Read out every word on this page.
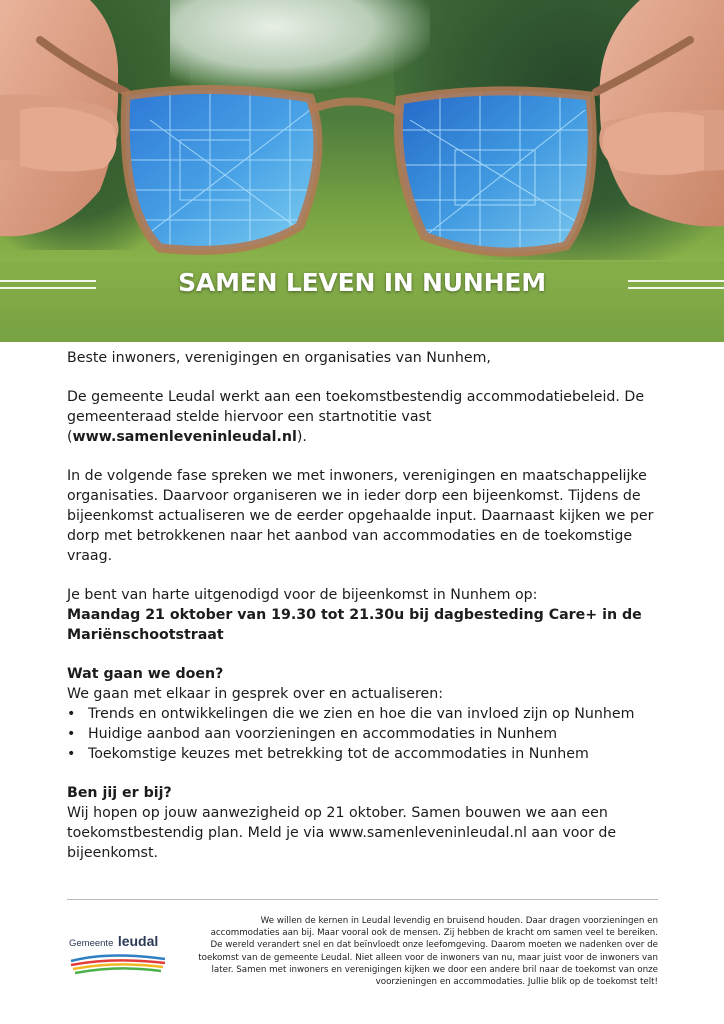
SAMEN LEVEN IN NUNHEM

Beste inwoners, verenigingen en organisaties van Nunhem,

De gemeente Leudal werkt aan een toekomstbestendig accommodatiebeleid. De gemeenteraad stelde hiervoor een startnotitie vast (www.samenleveninleudal.nl).

In de volgende fase spreken we met inwoners, verenigingen en maatschappelijke organisaties. Daarvoor organiseren we in ieder dorp een bijeenkomst. Tijdens de bijeenkomst actualiseren we de eerder opgehaalde input. Daarnaast kijken we per dorp met betrokkenen naar het aanbod van accommodaties en de toekomstige vraag.

Je bent van harte uitgenodigd voor de bijeenkomst in Nunhem op:
Maandag 21 oktober van 19.30 tot 21.30u bij dagbesteding Care+ in de Mariënschootstraat

Wat gaan we doen?
We gaan met elkaar in gesprek over en actualiseren:
• Trends en ontwikkelingen die we zien en hoe die van invloed zijn op Nunhem
• Huidige aanbod aan voorzieningen en accommodaties in Nunhem
• Toekomstige keuzes met betrekking tot de accommodaties in Nunhem
Ben jij er bij?
Wij hopen op jouw aanwezigheid op 21 oktober. Samen bouwen we aan een toekomstbestendig plan. Meld je via www.samenleveninleudal.nl aan voor de bijeenkomst.
Gemeente leudal
We willen de kernen in Leudal levendig en bruisend houden. Daar dragen voorzieningen en accommodaties aan bij. Maar vooral ook de mensen. Zij hebben de kracht om samen veel te bereiken. De wereld verandert snel en dat beïnvloedt onze leefomgeving. Daarom moeten we nadenken over de toekomst van de gemeente Leudal. Niet alleen voor de inwoners van nu, maar juist voor de inwoners van later. Samen met inwoners en verenigingen kijken we door een andere bril naar de toekomst van onze voorzieningen en accommodaties. Jullie blik op de toekomst telt!
